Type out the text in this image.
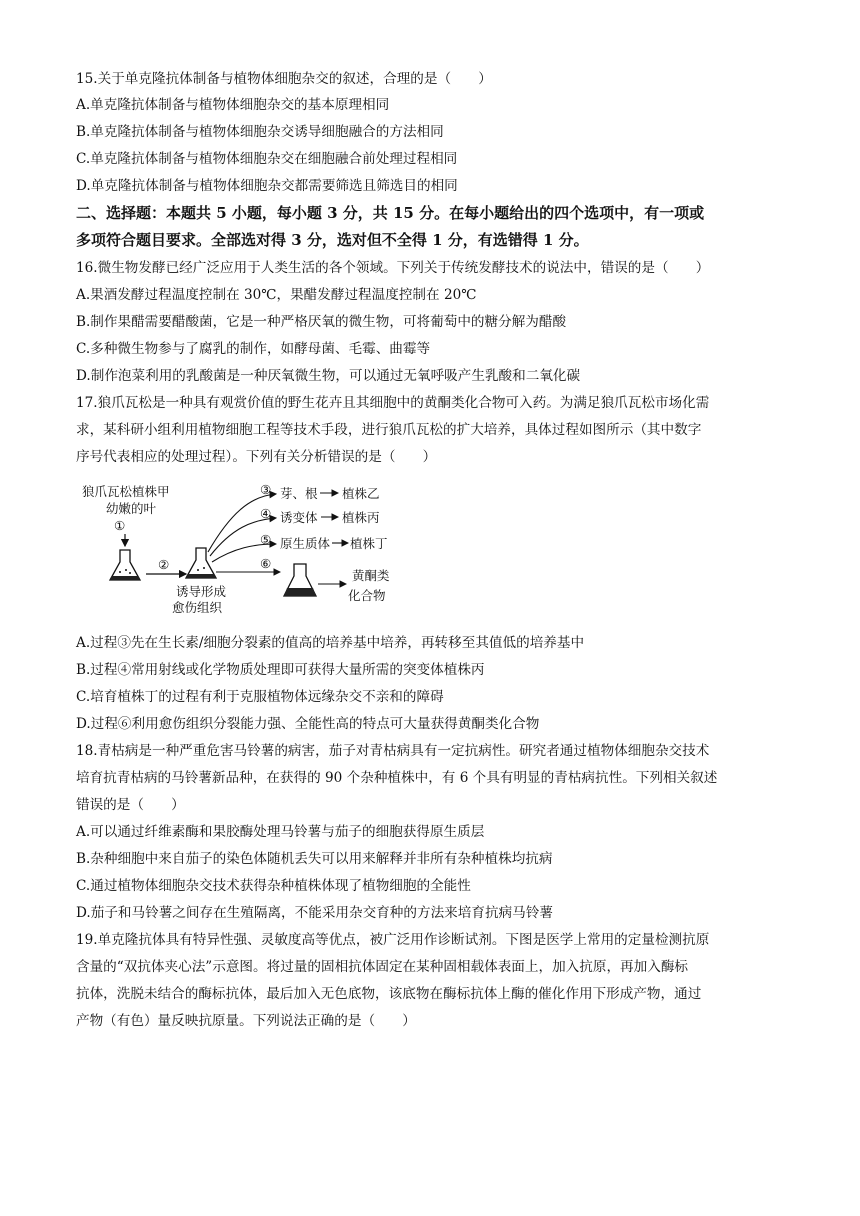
15.关于单克隆抗体制备与植物体细胞杂交的叙述，合理的是（　　）
A.单克隆抗体制备与植物体细胞杂交的基本原理相同
B.单克隆抗体制备与植物体细胞杂交诱导细胞融合的方法相同
C.单克隆抗体制备与植物体细胞杂交在细胞融合前处理过程相同
D.单克隆抗体制备与植物体细胞杂交都需要筛选且筛选目的相同
二、选择题：本题共 5 小题，每小题 3 分，共 15 分。在每小题给出的四个选项中，有一项或
多项符合题目要求。全部选对得 3 分，选对但不全得 1 分，有选错得 1 分。
16.微生物发酵已经广泛应用于人类生活的各个领域。下列关于传统发酵技术的说法中，错误的是（　　）
A.果酒发酵过程温度控制在 30℃，果醋发酵过程温度控制在 20℃
B.制作果醋需要醋酸菌，它是一种严格厌氧的微生物，可将葡萄中的糖分解为醋酸
C.多种微生物参与了腐乳的制作，如酵母菌、毛霉、曲霉等
D.制作泡菜利用的乳酸菌是一种厌氧微生物，可以通过无氧呼吸产生乳酸和二氧化碳
17.狼爪瓦松是一种具有观赏价值的野生花卉且其细胞中的黄酮类化合物可入药。为满足狼爪瓦松市场化需
求，某科研小组利用植物细胞工程等技术手段，进行狼爪瓦松的扩大培养，具体过程如图所示（其中数字
序号代表相应的处理过程）。下列有关分析错误的是（　　）
狼爪瓦松植株甲
幼嫩的叶
①
②
诱导形成
愈伤组织
③
④
⑤
⑥
芽、根 植株乙
诱变体 植株丙
原生质体 植株丁
黄酮类
化合物
A.过程③先在生长素/细胞分裂素的值高的培养基中培养，再转移至其值低的培养基中
B.过程④常用射线或化学物质处理即可获得大量所需的突变体植株丙
C.培育植株丁的过程有利于克服植物体远缘杂交不亲和的障碍
D.过程⑥利用愈伤组织分裂能力强、全能性高的特点可大量获得黄酮类化合物
18.青枯病是一种严重危害马铃薯的病害，茄子对青枯病具有一定抗病性。研究者通过植物体细胞杂交技术
培育抗青枯病的马铃薯新品种，在获得的 90 个杂种植株中，有 6 个具有明显的青枯病抗性。下列相关叙述
错误的是（　　）
A.可以通过纤维素酶和果胶酶处理马铃薯与茄子的细胞获得原生质层
B.杂种细胞中来自茄子的染色体随机丢失可以用来解释并非所有杂种植株均抗病
C.通过植物体细胞杂交技术获得杂种植株体现了植物细胞的全能性
D.茄子和马铃薯之间存在生殖隔离，不能采用杂交育种的方法来培育抗病马铃薯
19.单克隆抗体具有特异性强、灵敏度高等优点，被广泛用作诊断试剂。下图是医学上常用的定量检测抗原
含量的“双抗体夹心法”示意图。将过量的固相抗体固定在某种固相载体表面上，加入抗原，再加入酶标
抗体，洗脱未结合的酶标抗体，最后加入无色底物，该底物在酶标抗体上酶的催化作用下形成产物，通过
产物（有色）量反映抗原量。下列说法正确的是（　　）
